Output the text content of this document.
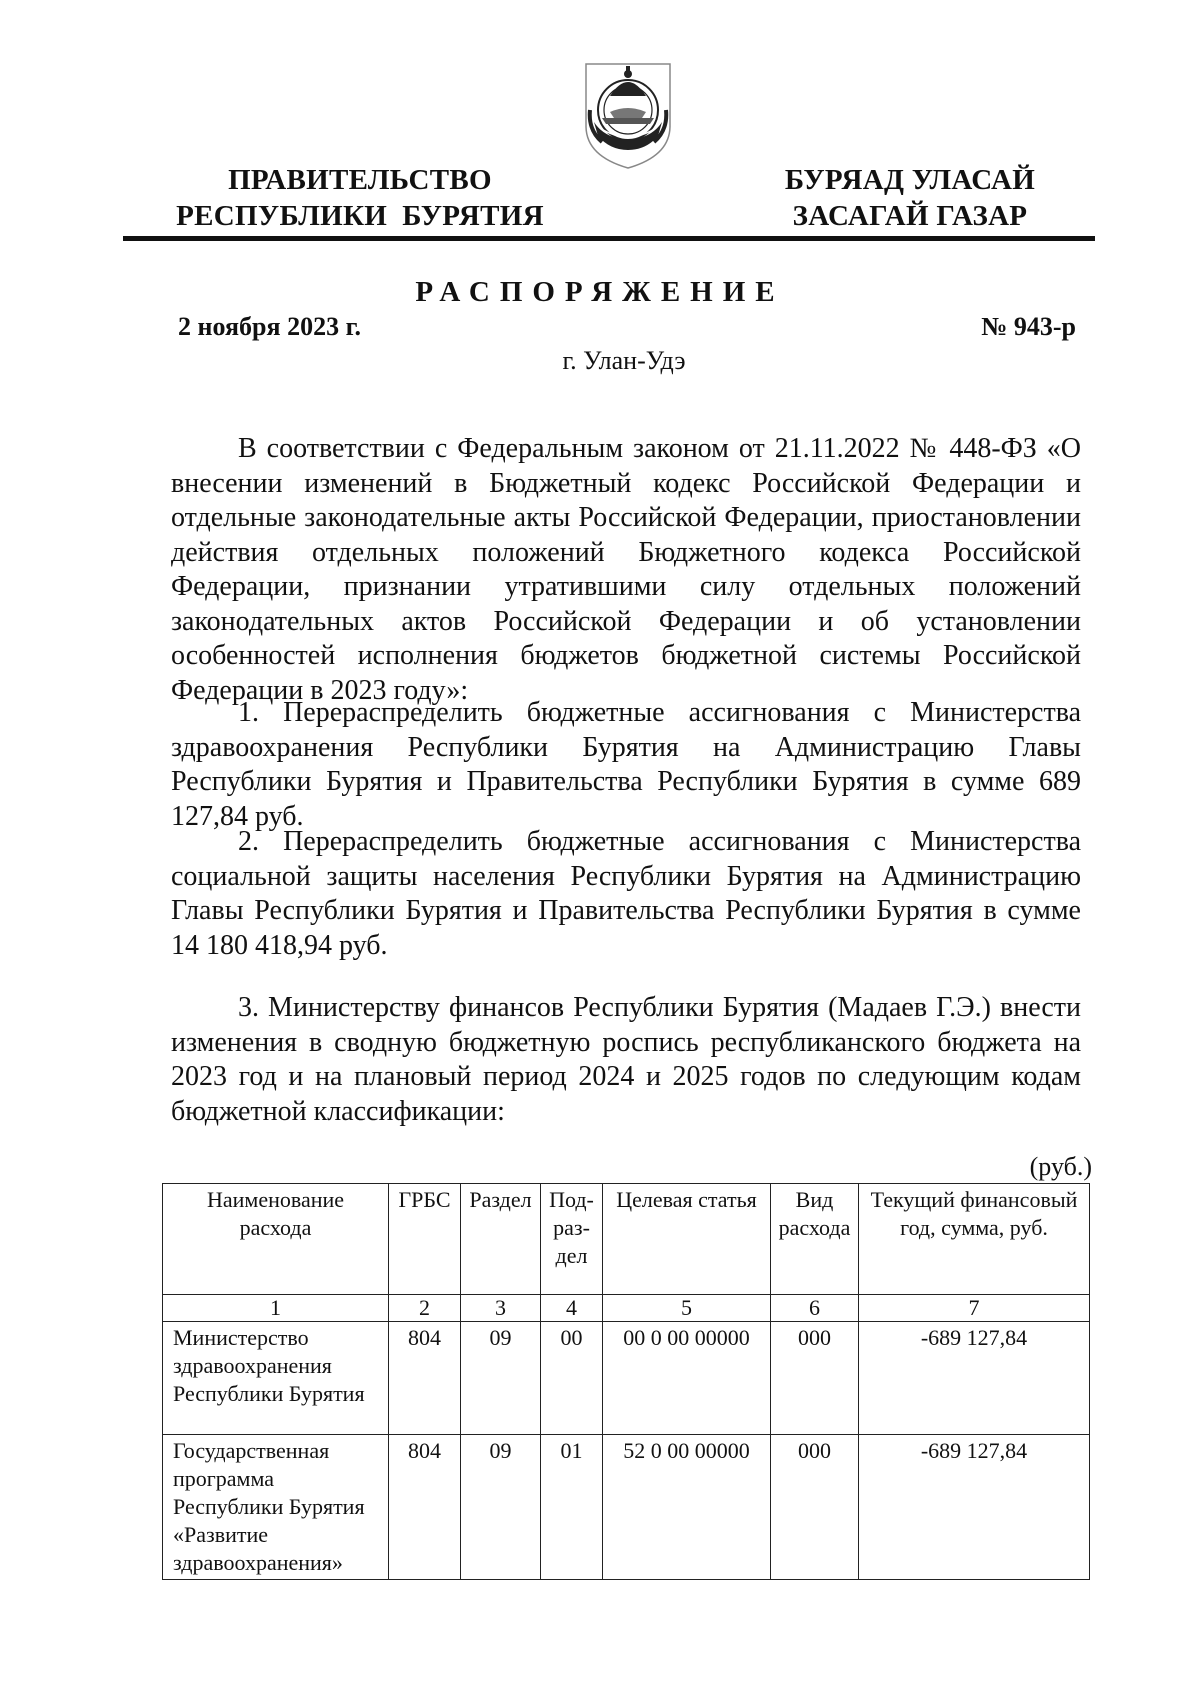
ПРАВИТЕЛЬСТВО
РЕСПУБЛИКИ  БУРЯТИЯ
БУРЯАД УЛАСАЙ
ЗАСАГАЙ ГАЗАР
РАСПОРЯЖЕНИЕ
2 ноября 2023 г.	№ 943-р
г. Улан-Удэ

В соответствии с Федеральным законом от 21.11.2022 № 448-ФЗ «О внесении изменений в Бюджетный кодекс Российской Федерации и отдельные законодательные акты Российской Федерации, приостановлении действия отдельных положений Бюджетного кодекса Российской Федерации, признании утратившими силу отдельных положений законодательных актов Российской Федерации и об установлении особенностей исполнения бюджетов бюджетной системы Российской Федерации в 2023 году»:

1. Перераспределить бюджетные ассигнования с Министерства здравоохранения Республики Бурятия на Администрацию Главы Республики Бурятия и Правительства Республики Бурятия в сумме 689 127,84 руб.

2. Перераспределить бюджетные ассигнования с Министерства социальной защиты населения Республики Бурятия на Администрацию Главы Республики Бурятия и Правительства Республики Бурятия в сумме 14 180 418,94 руб.

3. Министерству финансов Республики Бурятия (Мадаев Г.Э.) внести изменения в сводную бюджетную роспись республиканского бюджета на 2023 год и на плановый период 2024 и 2025 годов по следующим кодам бюджетной классификации:

(руб.)
Наименование расхода	ГРБС	Раздел	Под-раз-дел	Целевая статья	Вид расхода	Текущий финансовый год, сумма, руб.
1	2	3	4	5	6	7
Министерство здравоохранения Республики Бурятия	804	09	00	00 0 00 00000	000	-689 127,84
Государственная программа Республики Бурятия «Развитие здравоохранения»	804	09	01	52 0 00 00000	000	-689 127,84
